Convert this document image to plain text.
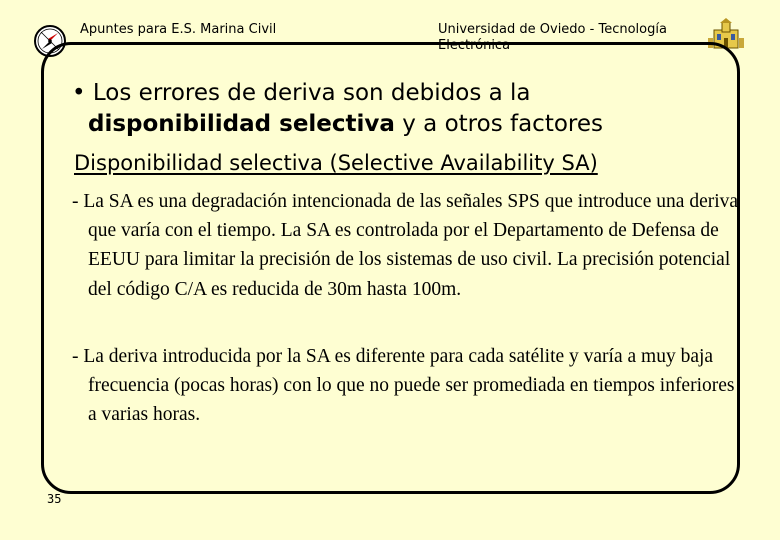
Apuntes para E.S. Marina Civil	Universidad de Oviedo - Tecnología Electrónica
• Los errores de deriva son debidos a la
disponibilidad selectiva y a otros factores
Disponibilidad selectiva (Selective Availability SA)
- La SA es una degradación intencionada de las señales SPS que introduce una deriva que varía con el tiempo. La SA es controlada por el Departamento de Defensa de EEUU para limitar la precisión de los sistemas de uso civil. La precisión potencial del código C/A es reducida de 30m hasta 100m.
- La deriva introducida por la SA es diferente para cada satélite y varía a muy baja frecuencia (pocas horas) con lo que no puede ser promediada en tiempos inferiores a varias horas.
35
